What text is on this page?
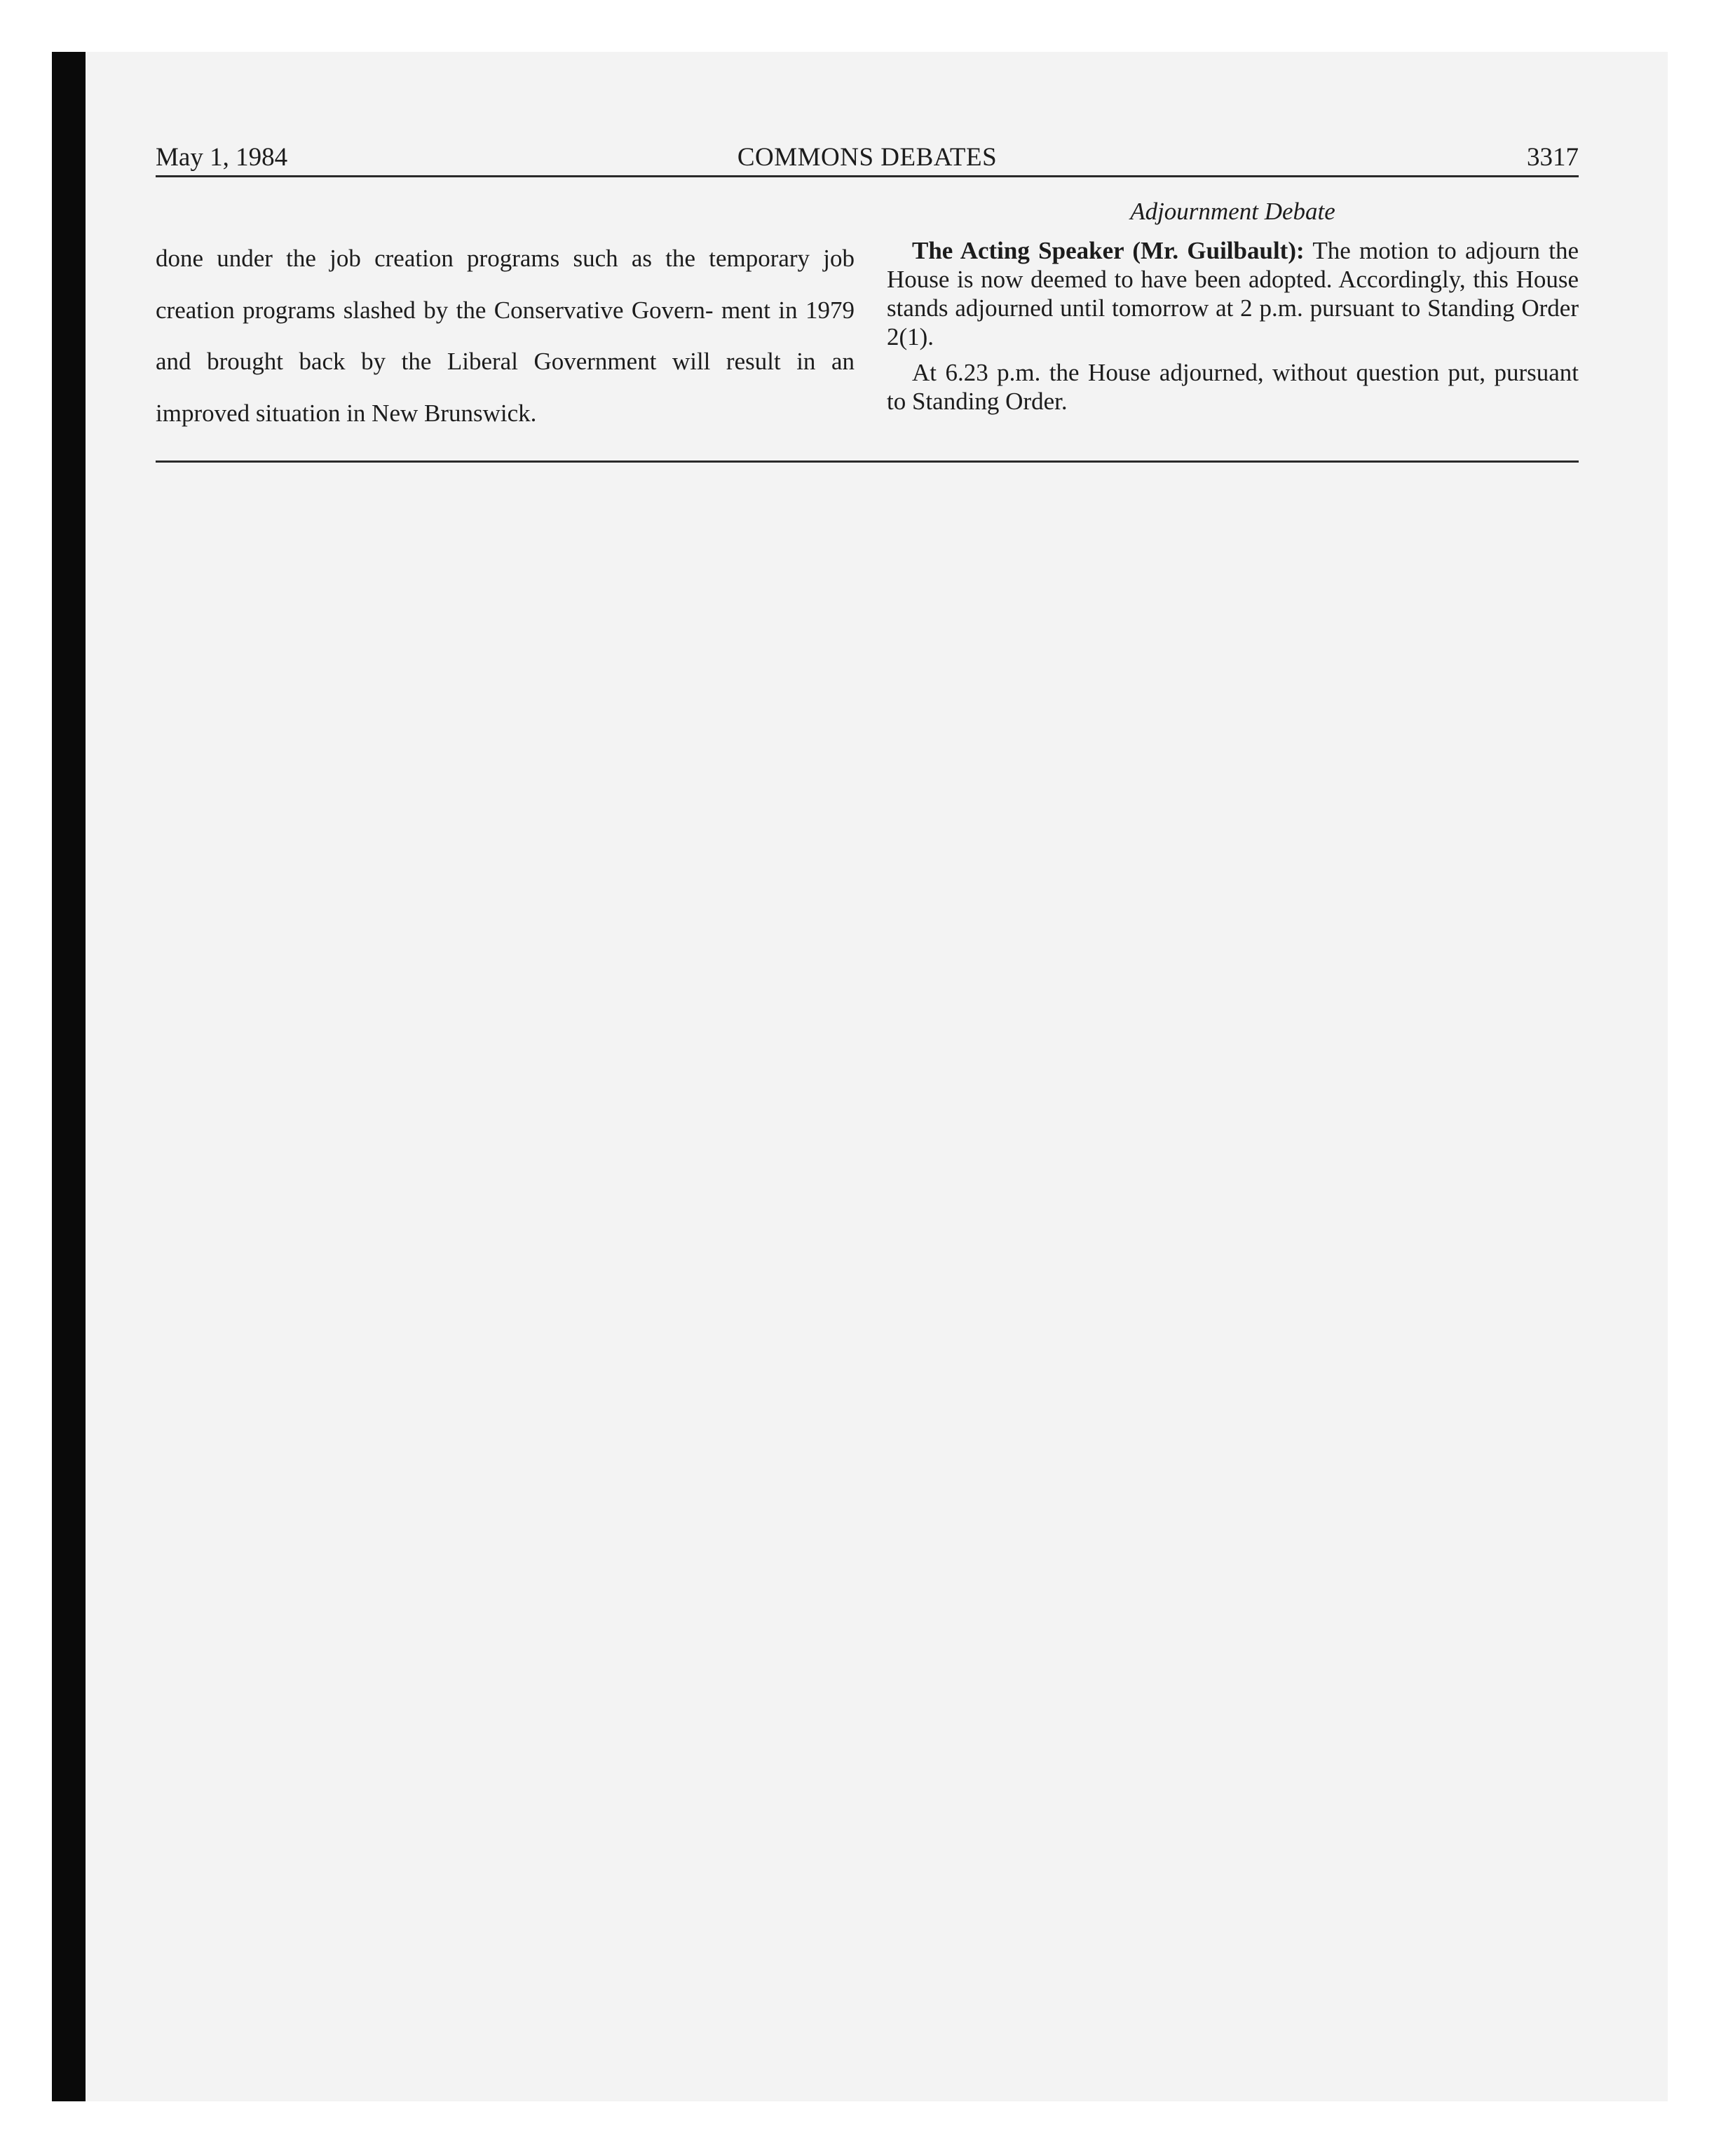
May 1, 1984	COMMONS DEBATES	3317

done under the job creation programs such as the temporary job creation programs slashed by the Conservative Govern- ment in 1979 and brought back by the Liberal Government will result in an improved situation in New Brunswick.

Adjournment Debate

The Acting Speaker (Mr. Guilbault): The motion to adjourn the House is now deemed to have been adopted. Accordingly, this House stands adjourned until tomorrow at 2 p.m. pursuant to Standing Order 2(1).

At 6.23 p.m. the House adjourned, without question put, pursuant to Standing Order.
